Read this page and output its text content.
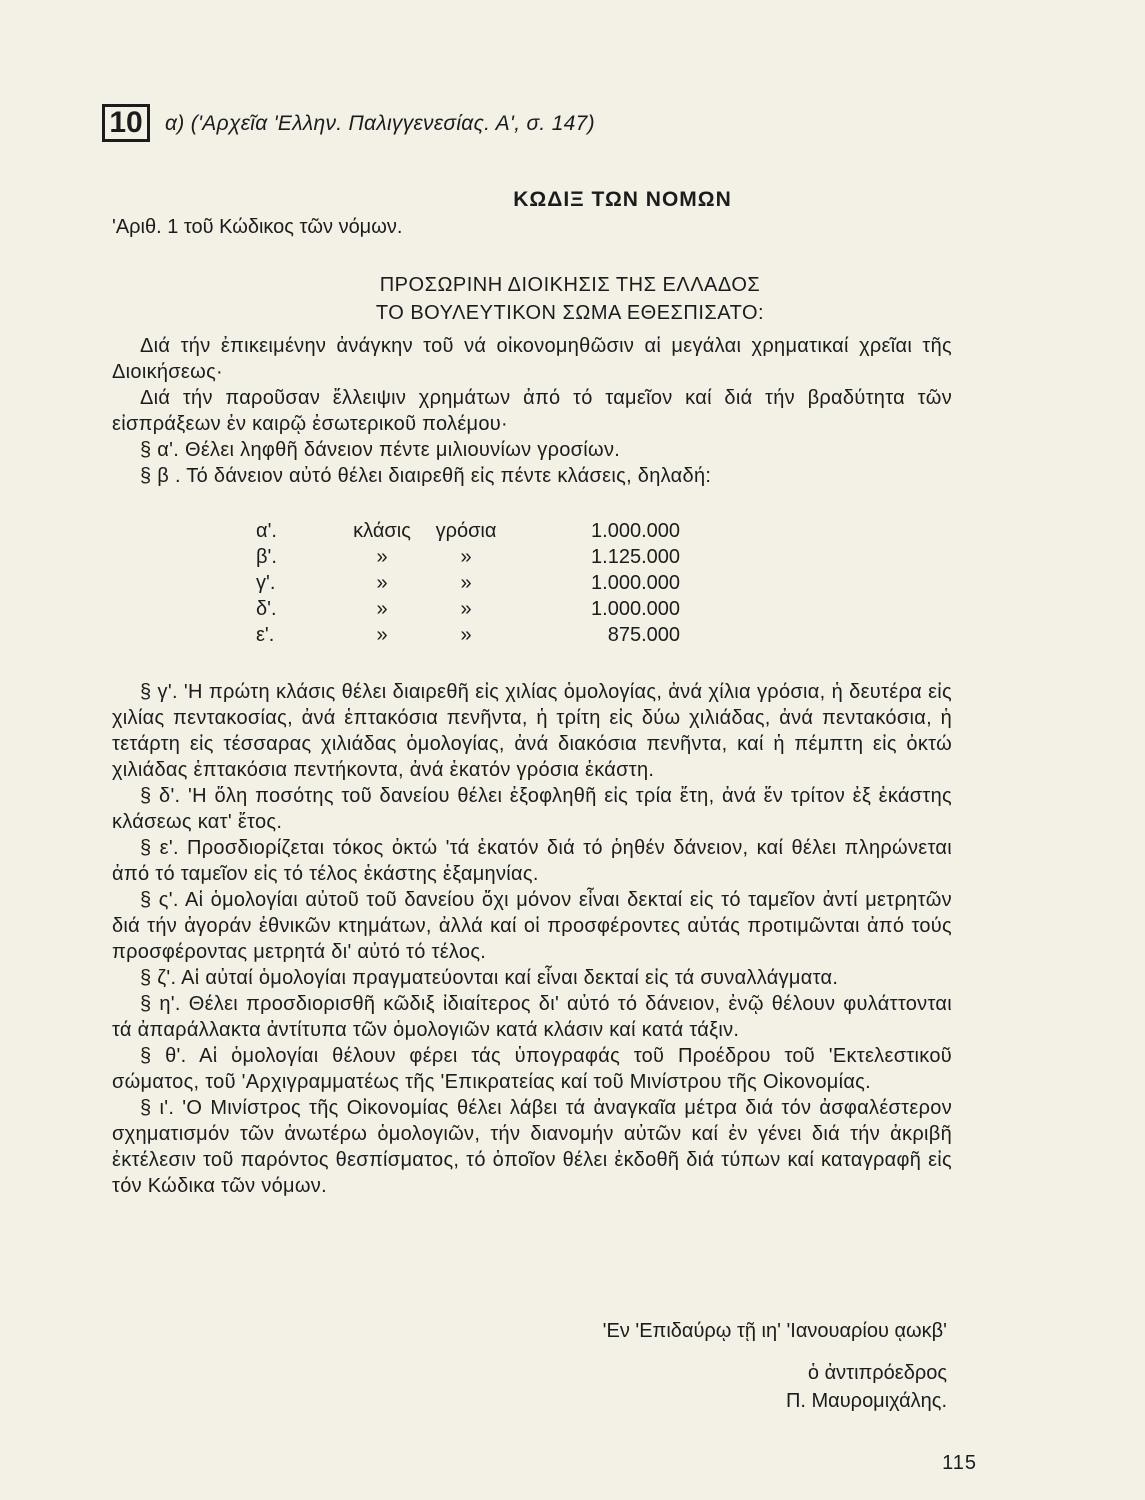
10	α) ('Αρχεῖα 'Ελλην. Παλιγγενεσίας. Α', σ. 147)
ΚΩΔΙΞ ΤΩΝ ΝΟΜΩΝ
'Αριθ. 1 τοῦ Κώδικος τῶν νόμων.
ΠΡΟΣΩΡΙΝΗ ΔΙΟΙΚΗΣΙΣ ΤΗΣ ΕΛΛΑΔΟΣ
ΤΟ ΒΟΥΛΕΥΤΙΚΟΝ ΣΩΜΑ ΕΘΕΣΠΙΣΑΤΟ:

Διά τήν ἐπικειμένην ἀνάγκην τοῦ νά οἰκονομηθῶσιν αἱ μεγάλαι χρηματικαί χρεῖαι τῆς Διοικήσεως·

Διά τήν παροῦσαν ἔλλειψιν χρημάτων ἀπό τό ταμεῖον καί διά τήν βραδύτητα τῶν εἰσπράξεων ἐν καιρῷ ἐσωτερικοῦ πολέμου·

§ α'. Θέλει ληφθῆ δάνειον πέντε μιλιουνίων γροσίων.

§ β . Τό δάνειον αὐτό θέλει διαιρεθῆ εἰς πέντε κλάσεις, δηλαδή:

α'.	κλάσις	γρόσια	1.000.000
β'.	»	»	1.125.000
γ'.	»	»	1.000.000
δ'.	»	»	1.000.000
ε'.	»	»	875.000

§ γ'. 'Η πρώτη κλάσις θέλει διαιρεθῆ εἰς χιλίας ὁμολογίας, ἀνά χίλια γρόσια, ἡ δευτέρα εἰς χιλίας πεντακοσίας, ἀνά ἑπτακόσια πενῆντα, ἡ τρίτη εἰς δύω χιλιάδας, ἀνά πεντακόσια, ἡ τετάρτη εἰς τέσσαρας χιλιάδας ὁμολογίας, ἀνά διακόσια πενῆντα, καί ἡ πέμπτη εἰς ὀκτώ χιλιάδας ἑπτακόσια πεντήκοντα, ἀνά ἑκατόν γρόσια ἑκάστη.

§ δ'. 'Η ὅλη ποσότης τοῦ δανείου θέλει ἐξοφληθῆ εἰς τρία ἔτη, ἀνά ἕν τρίτον ἐξ ἑκάστης κλάσεως κατ' ἔτος.

§ ε'. Προσδιορίζεται τόκος ὀκτώ 'τά ἑκατόν διά τό ῥηθέν δάνειον, καί θέλει πληρώνεται ἀπό τό ταμεῖον εἰς τό τέλος ἑκάστης ἑξαμηνίας.

§ ς'. Αἱ ὁμολογίαι αὐτοῦ τοῦ δανείου ὄχι μόνον εἶναι δεκταί εἰς τό ταμεῖον ἀντί μετρητῶν διά τήν ἀγοράν ἐθνικῶν κτημάτων, ἀλλά καί οἱ προσφέροντες αὐτάς προτιμῶνται ἀπό τούς προσφέροντας μετρητά δι' αὐτό τό τέλος.

§ ζ'. Αἱ αὐταί ὁμολογίαι πραγματεύονται καί εἶναι δεκταί εἰς τά συναλλάγματα.

§ η'. Θέλει προσδιορισθῆ κῶδιξ ἰδιαίτερος δι' αὐτό τό δάνειον, ἐνῷ θέλουν φυλάττονται τά ἀπαράλλακτα ἀντίτυπα τῶν ὁμολογιῶν κατά κλάσιν καί κατά τάξιν.

§ θ'. Αἱ ὁμολογίαι θέλουν φέρει τάς ὑπογραφάς τοῦ Προέδρου τοῦ 'Εκτελεστικοῦ σώματος, τοῦ 'Αρχιγραμματέως τῆς 'Επικρατείας καί τοῦ Μινίστρου τῆς Οἰκονομίας.

§ ι'. 'Ο Μινίστρος τῆς Οἰκονομίας θέλει λάβει τά ἀναγκαῖα μέτρα διά τόν ἀσφαλέστερον σχηματισμόν τῶν ἀνωτέρω ὁμολογιῶν, τήν διανομήν αὐτῶν καί ἐν γένει διά τήν ἀκριβῆ ἐκτέλεσιν τοῦ παρόντος θεσπίσματος, τό ὁποῖον θέλει ἐκδοθῆ διά τύπων καί καταγραφῆ εἰς τόν Κώδικα τῶν νόμων.

'Εν 'Επιδαύρῳ τῇ ιη' 'Ιανουαρίου ᾳωκβ'
ὁ ἀντιπρόεδρος
Π. Μαυρομιχάλης.
115
